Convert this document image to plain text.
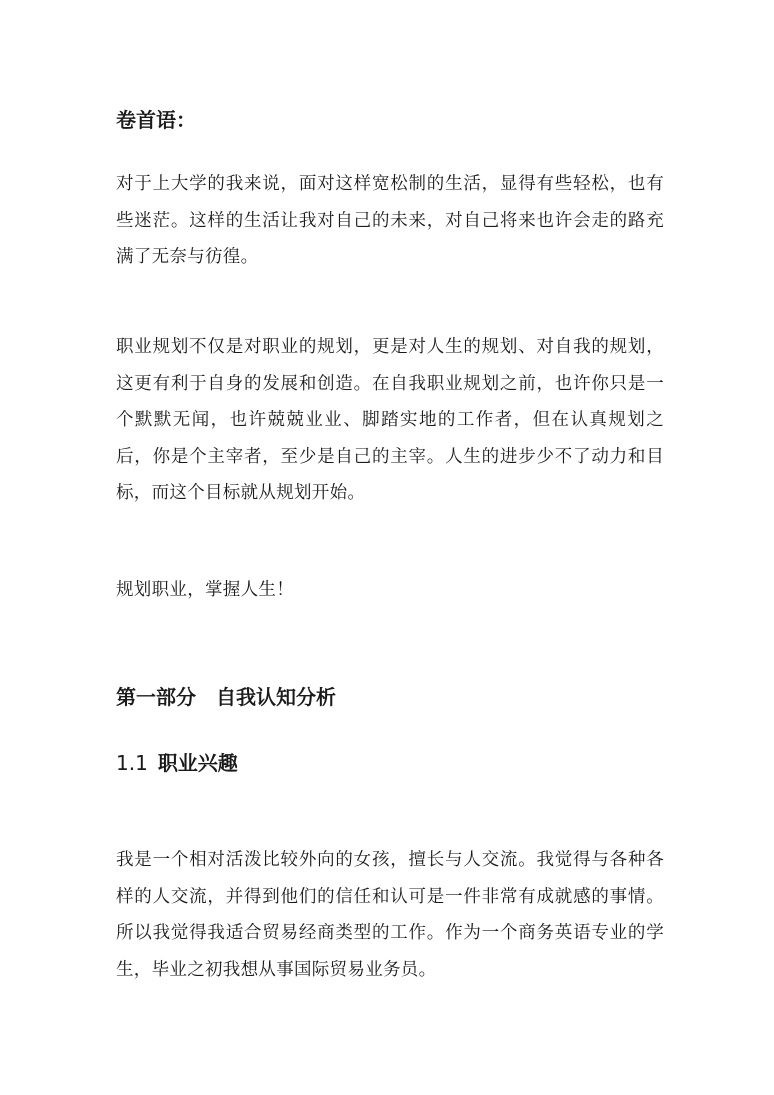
卷首语：

对于上大学的我来说，面对这样宽松制的生活，显得有些轻松，也有些迷茫。这样的生活让我对自己的未来，对自己将来也许会走的路充满了无奈与彷徨。

职业规划不仅是对职业的规划，更是对人生的规划、对自我的规划，这更有利于自身的发展和创造。在自我职业规划之前，也许你只是一个默默无闻，也许兢兢业业、脚踏实地的工作者，但在认真规划之后，你是个主宰者，至少是自己的主宰。人生的进步少不了动力和目标，而这个目标就从规划开始。

规划职业，掌握人生！

第一部分 自我认知分析
1.1 职业兴趣

我是一个相对活泼比较外向的女孩，擅长与人交流。我觉得与各种各样的人交流，并得到他们的信任和认可是一件非常有成就感的事情。所以我觉得我适合贸易经商类型的工作。作为一个商务英语专业的学生，毕业之初我想从事国际贸易业务员。
